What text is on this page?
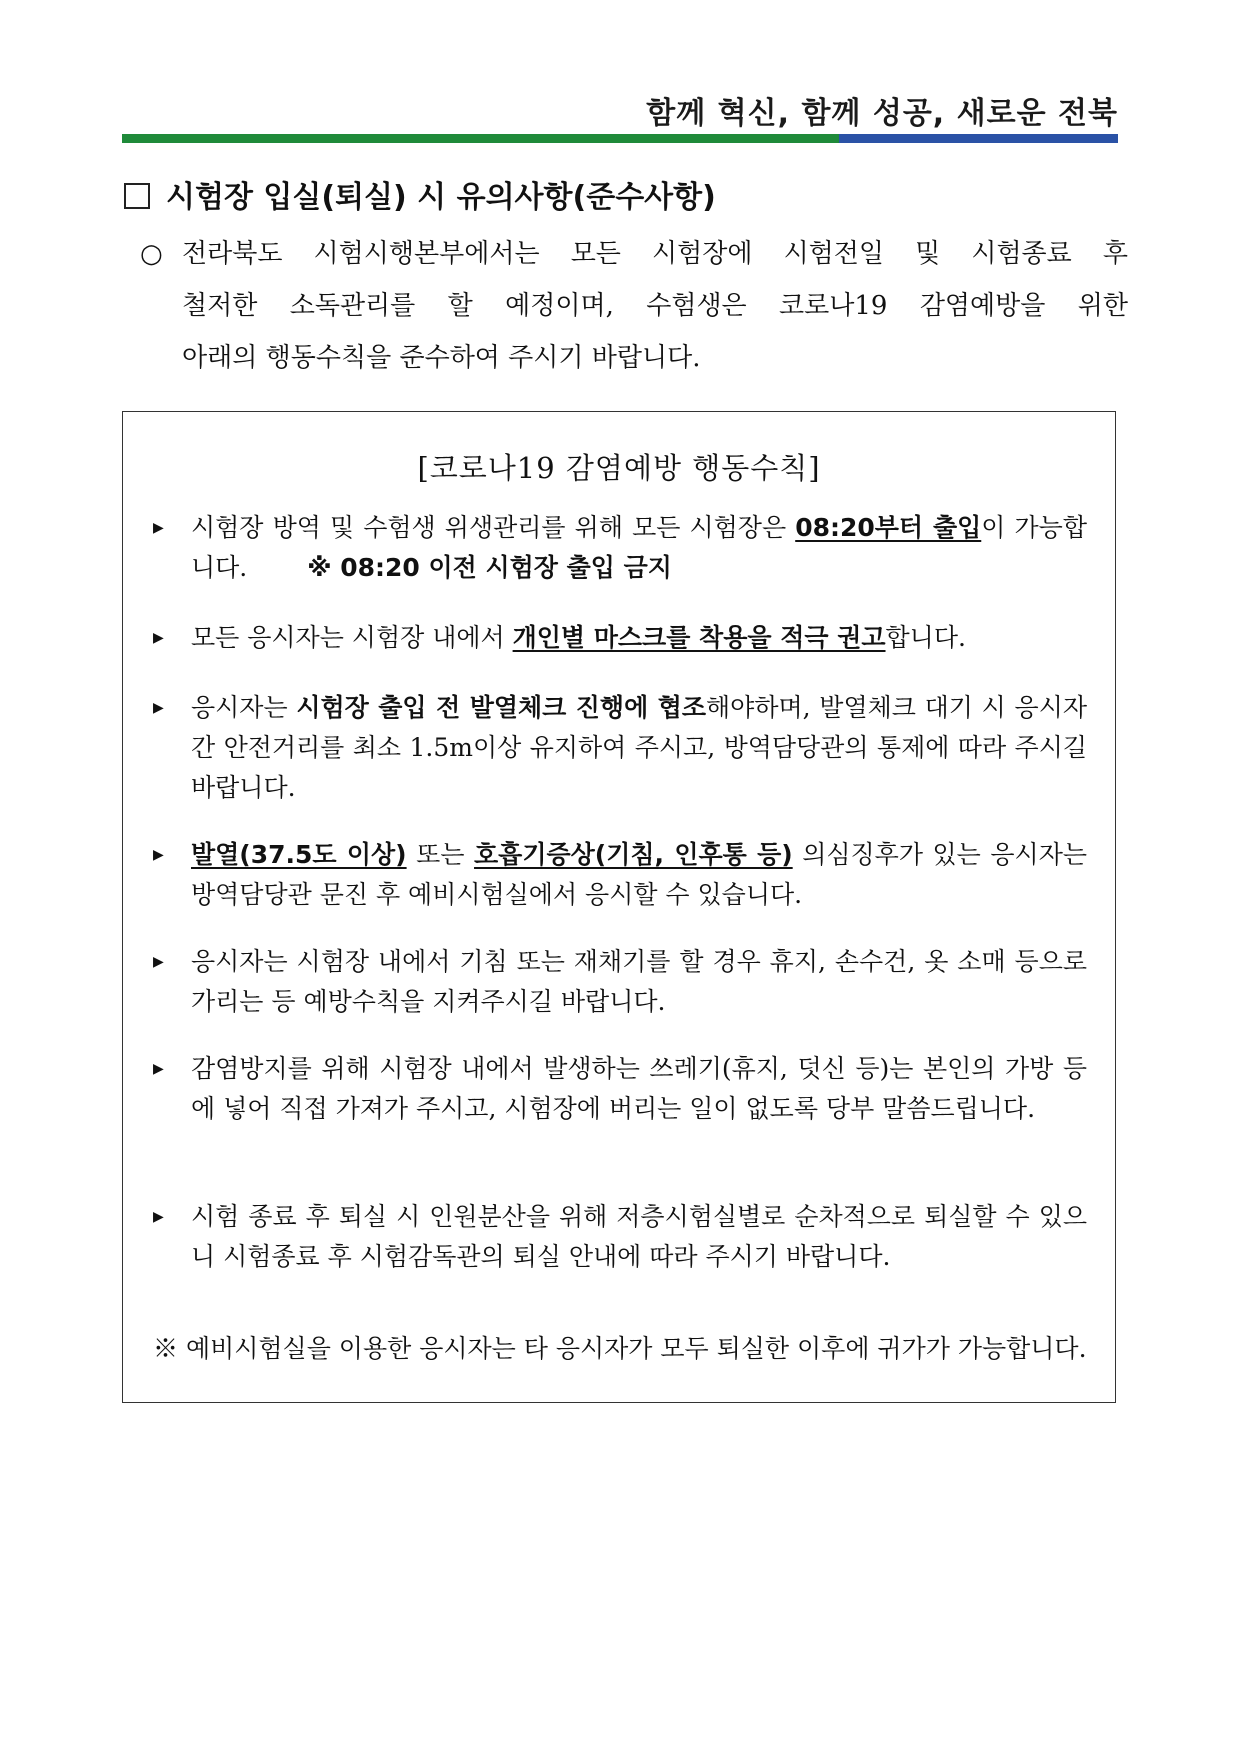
함께 혁신, 함께 성공, 새로운 전북
시험장 입실(퇴실) 시 유의사항(준수사항)

○ 전라북도 시험시행본부에서는 모든 시험장에 시험전일 및 시험종료 후

철저한 소독관리를 할 예정이며, 수험생은 코로나19 감염예방을 위한

아래의 행동수칙을 준수하여 주시기 바랍니다.

[코로나19 감염예방 행동수칙]
▶	시험장 방역 및 수험생 위생관리를 위해 모든 시험장은 08:20부터 출입이 가능합니다. ※ 08:20 이전 시험장 출입 금지
▶	모든 응시자는 시험장 내에서 개인별 마스크를 착용을 적극 권고합니다.
▶	응시자는 시험장 출입 전 발열체크 진행에 협조해야하며, 발열체크 대기 시 응시자간 안전거리를 최소 1.5m이상 유지하여 주시고, 방역담당관의 통제에 따라 주시길 바랍니다.
▶	발열(37.5도 이상) 또는 호흡기증상(기침, 인후통 등) 의심징후가 있는 응시자는 방역담당관 문진 후 예비시험실에서 응시할 수 있습니다.
▶	응시자는 시험장 내에서 기침 또는 재채기를 할 경우 휴지, 손수건, 옷 소매 등으로 가리는 등 예방수칙을 지켜주시길 바랍니다.
▶	감염방지를 위해 시험장 내에서 발생하는 쓰레기(휴지, 덧신 등)는 본인의 가방 등에 넣어 직접 가져가 주시고, 시험장에 버리는 일이 없도록 당부 말씀드립니다.
▶	시험 종료 후 퇴실 시 인원분산을 위해 저층시험실별로 순차적으로 퇴실할 수 있으니 시험종료 후 시험감독관의 퇴실 안내에 따라 주시기 바랍니다.
※ 예비시험실을 이용한 응시자는 타 응시자가 모두 퇴실한 이후에 귀가가 가능합니다.
